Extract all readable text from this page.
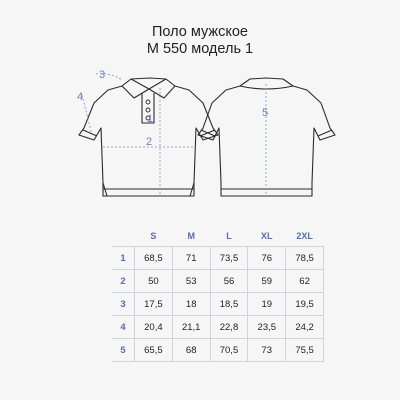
Поло мужское
М 550 модель 1
2
1
3
4
5
	S	M	L	XL	2XL
1	68,5	71	73,5	76	78,5
2	50	53	56	59	62
3	17,5	18	18,5	19	19,5
4	20,4	21,1	22,8	23,5	24,2
5	65,5	68	70,5	73	75,5
